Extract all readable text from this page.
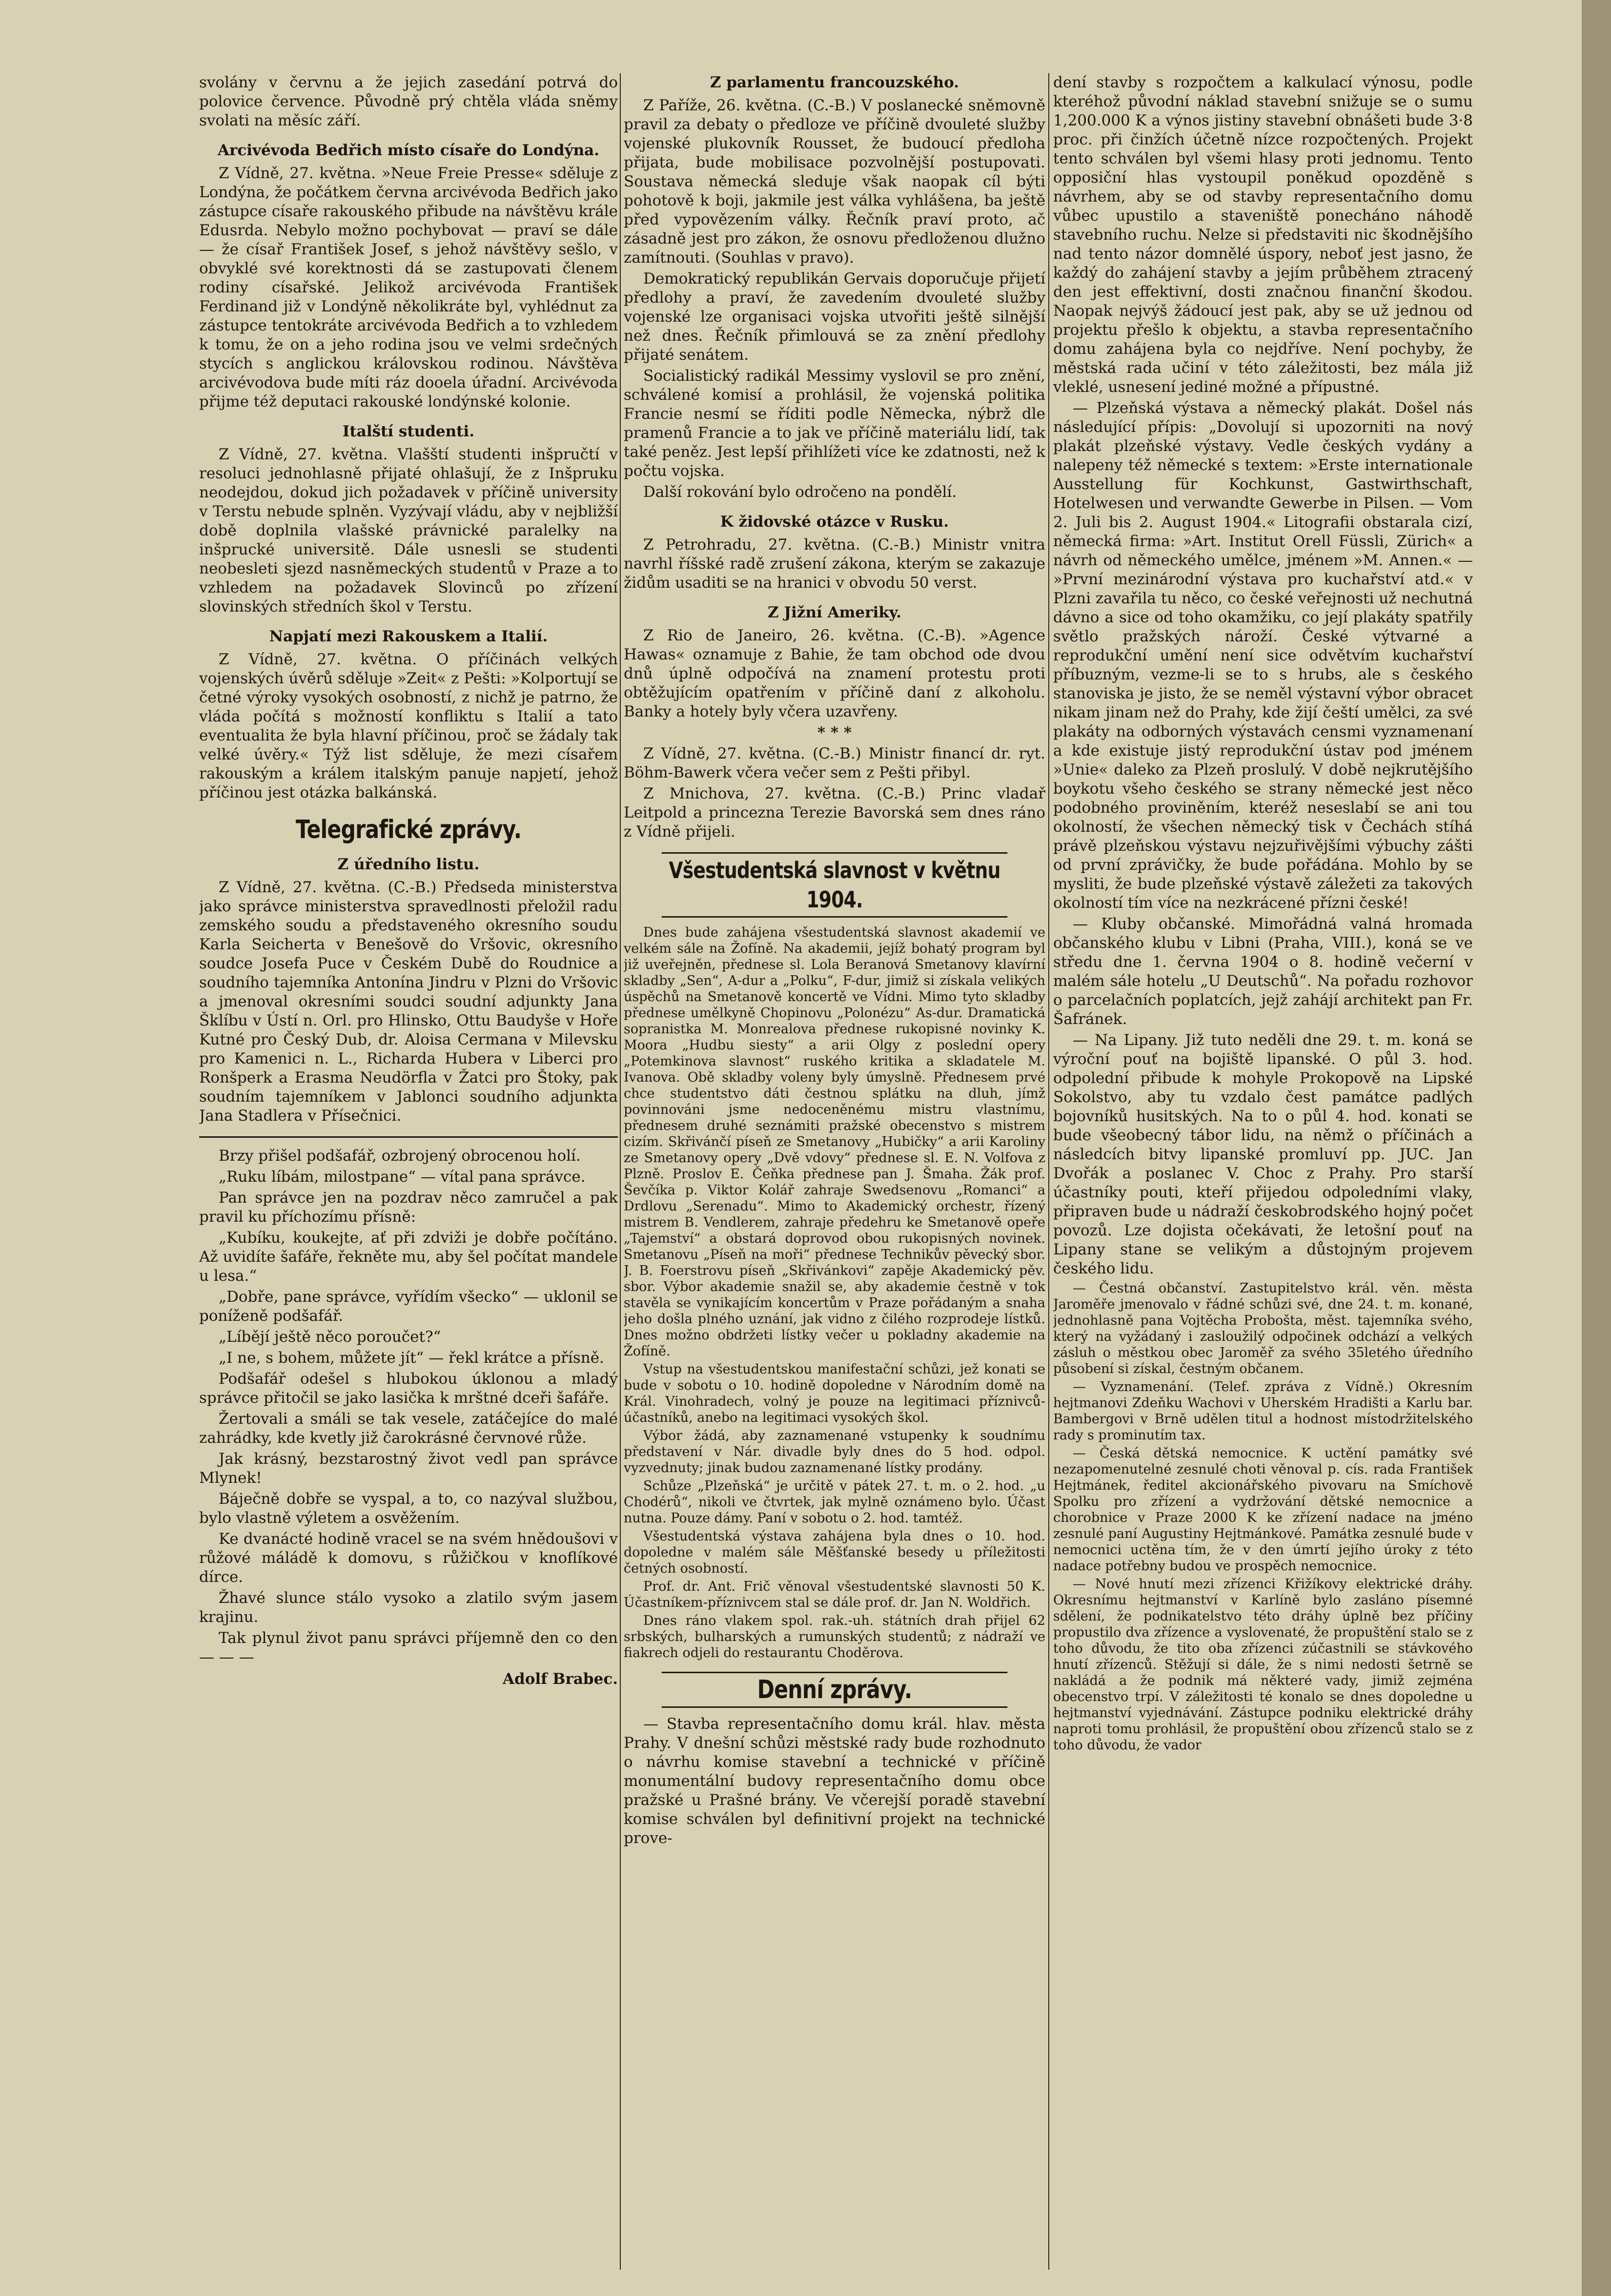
svolány v červnu a že jejich zasedání potrvá do polovice července. Původně prý chtěla vláda sněmy svolati na měsíc září.

Arcivévoda Bedřich místo císaře do Londýna.

Z Vídně, 27. května. »Neue Freie Presse« sděluje z Londýna, že počátkem června arcivévoda Bedřich jako zástupce císaře rakouského přibude na návštěvu krále Edusrda. Nebylo možno pochybovat — praví se dále — že císař František Josef, s jehož návštěvy sešlo, v obvyklé své korektnosti dá se zastupovati členem rodiny císařské. Jelikož arcivévoda František Ferdinand již v Londýně několikráte byl, vyhlédnut za zástupce tentokráte arcivévoda Bedřich a to vzhledem k tomu, že on a jeho rodina jsou ve velmi srdečných stycích s anglickou královskou rodinou. Návštěva arcivévodova bude míti ráz dooela úřadní. Arcivévoda přijme též deputaci rakouské londýnské kolonie.

Italští studenti.

Z Vídně, 27. května. Vlašští studenti inšpručtí v resoluci jednohlasně přijaté ohlašují, že z Inšpruku neodejdou, dokud jich požadavek v příčině university v Terstu nebude splněn. Vyzývají vládu, aby v nejbližší době doplnila vlašské právnické paralelky na inšprucké universitě. Dále usnesli se studenti neobesleti sjezd nasněmeckých studentů v Praze a to vzhledem na požadavek Slovinců po zřízení slovinských středních škol v Terstu.

Napjatí mezi Rakouskem a Italií.

Z Vídně, 27. května. O příčinách velkých vojenských úvěrů sděluje »Zeit« z Pešti: »Kolportují se četné výroky vysokých osobností, z nichž je patrno, že vláda počítá s možností konfliktu s Italií a tato eventualita že byla hlavní příčinou, proč se žádaly tak velké úvěry.« Týž list sděluje, že mezi císařem rakouským a králem italským panuje napjetí, jehož příčinou jest otázka balkánská.

Telegrafické zprávy.
Z úředního listu.

Z Vídně, 27. května. (C.-B.) Předseda ministerstva jako správce ministerstva spravedlnosti přeložil radu zemského soudu a představeného okresního soudu Karla Seicherta v Benešově do Vršovic, okresního soudce Josefa Puce v Českém Dubě do Roudnice a soudního tajemníka Antonína Jindru v Plzni do Vršovic a jmenoval okresními soudci soudní adjunkty Jana Šklíbu v Ústí n. Orl. pro Hlinsko, Ottu Baudyše v Hoře Kutné pro Český Dub, dr. Aloisa Cermana v Milevsku pro Kamenici n. L., Richarda Hubera v Liberci pro Ronšperk a Erasma Neudörfla v Žatci pro Štoky, pak soudním tajemníkem v Jablonci soudního adjunkta Jana Stadlera v Přísečnici.

Brzy přišel podšafář, ozbrojený obrocenou holí.

„Ruku líbám, milostpane“ — vítal pana správce.

Pan správce jen na pozdrav něco zamručel a pak pravil ku příchozímu přísně:

„Kubíku, koukejte, ať při zdviži je dobře počítáno. Až uvidíte šafáře, řekněte mu, aby šel počítat mandele u lesa.“

„Dobře, pane správce, vyřídím všecko“ — uklonil se poníženě podšafář.

„Líbějí ještě něco poroučet?“

„I ne, s bohem, můžete jít“ — řekl krátce a přísně.

Podšafář odešel s hlubokou úklonou a mladý správce přitočil se jako lasička k mrštné dceři šafáře.

Žertovali a smáli se tak vesele, zatáčejíce do malé zahrádky, kde kvetly již čarokrásné červnové růže.

Jak krásný, bezstarostný život vedl pan správce Mlynek!

Báječně dobře se vyspal, a to, co nazýval službou, bylo vlastně výletem a osvěžením.

Ke dvanácté hodině vracel se na svém hnědoušovi v růžové máládě k domovu, s růžičkou v knoflíkové dírce.

Žhavé slunce stálo vysoko a zlatilo svým jasem krajinu.

Tak plynul život panu správci příjemně den co den — — —

Adolf Brabec.
Z parlamentu francouzského.

Z Paříže, 26. května. (C.-B.) V poslanecké sněmovně pravil za debaty o předloze ve příčině dvouleté služby vojenské plukovník Rousset, že budoucí předloha přijata, bude mobilisace pozvolnější postupovati. Soustava německá sleduje však naopak cíl býti pohotově k boji, jakmile jest válka vyhlášena, ba ještě před vypovězením války. Řečník praví proto, ač zásadně jest pro zákon, že osnovu předloženou dlužno zamítnouti. (Souhlas v pravo).

Demokratický republikán Gervais doporučuje přijetí předlohy a praví, že zavedením dvouleté služby vojenské lze organisaci vojska utvořiti ještě silnější než dnes. Řečník přimlouvá se za znění předlohy přijaté senátem.

Socialistický radikál Messimy vyslovil se pro znění, schválené komisí a prohlásil, že vojenská politika Francie nesmí se říditi podle Německa, nýbrž dle pramenů Francie a to jak ve příčině materiálu lidí, tak také peněz. Jest lepší přihlížeti více ke zdatnosti, než k počtu vojska.

Další rokování bylo odročeno na pondělí.

K židovské otázce v Rusku.

Z Petrohradu, 27. května. (C.-B.) Ministr vnitra navrhl říšské radě zrušení zákona, kterým se zakazuje židům usaditi se na hranici v obvodu 50 verst.

Z Jižní Ameriky.

Z Rio de Janeiro, 26. května. (C.-B). »Agence Hawas« oznamuje z Bahie, že tam obchod ode dvou dnů úplně odpočívá na znamení protestu proti obtěžujícím opatřením v příčině daní z alkoholu. Banky a hotely byly včera uzavřeny.

* * *

Z Vídně, 27. května. (C.-B.) Ministr financí dr. ryt. Böhm-Bawerk včera večer sem z Pešti přibyl.

Z Mnichova, 27. května. (C.-B.) Princ vladař Leitpold a princezna Terezie Bavorská sem dnes ráno z Vídně přijeli.

Všestudentská slavnost v květnu 1904.

Dnes bude zahájena všestudentská slavnost akademií ve velkém sále na Žofíně. Na akademii, jejíž bohatý program byl již uveřejněn, přednese sl. Lola Beranová Smetanovy klavírní skladby „Sen“, A-dur a „Polku“, F-dur, jimiž si získala velikých úspěchů na Smetanově koncertě ve Vídni. Mimo tyto skladby přednese umělkyně Chopinovu „Polonézu“ As-dur. Dramatická sopranistka M. Monrealova přednese rukopisné novinky K. Moora „Hudbu siesty“ a arii Olgy z poslední opery „Potemkinova slavnost“ ruského kritika a skladatele M. Ivanova. Obě skladby voleny byly úmyslně. Přednesem prvé chce studentstvo dáti čestnou splátku na dluh, jímž povinnováni jsme nedoceněnému mistru vlastnímu, přednesem druhé seznámiti pražské obecenstvo s mistrem cizím. Skřivánčí píseň ze Smetanovy „Hubičky“ a arii Karoliny ze Smetanovy opery „Dvě vdovy“ přednese sl. E. N. Volfova z Plzně. Proslov E. Čeňka přednese pan J. Šmaha. Žák prof. Ševčíka p. Viktor Kolář zahraje Swedsenovu „Romanci“ a Drdlovu „Serenadu“. Mimo to Akademický orchestr, řízený mistrem B. Vendlerem, zahraje předehru ke Smetanově opeře „Tajemství“ a obstará doprovod obou rukopisných novinek. Smetanovu „Píseň na moři“ přednese Technikův pěvecký sbor. J. B. Foerstrovu píseň „Skřivánkovi“ zapěje Akademický pěv. sbor. Výbor akademie snažil se, aby akademie čestně v tok stavěla se vynikajícím koncertům v Praze pořádaným a snaha jeho došla plného uznání, jak vidno z čilého rozprodeje lístků. Dnes možno obdržeti lístky večer u pokladny akademie na Žofíně.

Vstup na všestudentskou manifestační schůzi, jež konati se bude v sobotu o 10. hodině dopoledne v Národním domě na Král. Vinohradech, volný je pouze na legitimaci příznivců-účastníků, anebo na legitimaci vysokých škol.

Výbor žádá, aby zaznamenané vstupenky k soudnímu představení v Nár. divadle byly dnes do 5 hod. odpol. vyzvednuty; jinak budou zaznamenané lístky prodány.

Schůze „Plzeňská“ je určitě v pátek 27. t. m. o 2. hod. „u Chodérů“, nikoli ve čtvrtek, jak mylně oznámeno bylo. Účast nutna. Pouze dámy. Paní v sobotu o 2. hod. tamtéž.

Všestudentská výstava zahájena byla dnes o 10. hod. dopoledne v malém sále Měšťanské besedy u příležitosti četných osobností.

Prof. dr. Ant. Frič věnoval všestudentské slavnosti 50 K. Účastníkem-příznivcem stal se dále prof. dr. Jan N. Woldřich.

Dnes ráno vlakem spol. rak.-uh. státních drah přijel 62 srbských, bulharských a rumunských studentů; z nádraží ve fiakrech odjeli do restaurantu Choděrova.

Denní zprávy.

— Stavba representačního domu král. hlav. města Prahy. V dnešní schůzi městské rady bude rozhodnuto o návrhu komise stavební a technické v příčině monumentální budovy representačního domu obce pražské u Prašné brány. Ve včerejší poradě stavební komise schválen byl definitivní projekt na technické prove-

dení stavby s rozpočtem a kalkulací výnosu, podle kteréhož původní náklad stavební snižuje se o sumu 1,200.000 K a výnos jistiny stavební obnášeti bude 3·8 proc. při činžích účetně nízce rozpočtených. Projekt tento schválen byl všemi hlasy proti jednomu. Tento opposiční hlas vystoupil poněkud opozděně s návrhem, aby se od stavby representačního domu vůbec upustilo a staveniště ponecháno náhodě stavebního ruchu. Nelze si představiti nic škodnějšího nad tento názor domnělé úspory, neboť jest jasno, že každý do zahájení stavby a jejím průběhem ztracený den jest effektivní, dosti značnou finanční škodou. Naopak nejvýš žádoucí jest pak, aby se už jednou od projektu přešlo k objektu, a stavba representačního domu zahájena byla co nejdříve. Není pochyby, že městská rada učiní v této záležitosti, bez mála již vleklé, usnesení jediné možné a přípustné.

— Plzeňská výstava a německý plakát. Došel nás následující přípis: „Dovolují si upozorniti na nový plakát plzeňské výstavy. Vedle českých vydány a nalepeny též německé s textem: »Erste internationale Ausstellung für Kochkunst, Gastwirthschaft, Hotelwesen und verwandte Gewerbe in Pilsen. — Vom 2. Juli bis 2. August 1904.« Litografii obstarala cizí, německá firma: »Art. Institut Orell Füssli, Zürich« a návrh od německého umělce, jménem »M. Annen.« — »První mezinárodní výstava pro kuchařství atd.« v Plzni zavařila tu něco, co české veřejnosti už nechutná dávno a sice od toho okamžiku, co její plakáty spatřily světlo pražských nároží. České výtvarné a reprodukční umění není sice odvětvím kuchařství příbuzným, vezme-li se to s hrubs, ale s českého stanoviska je jisto, že se neměl výstavní výbor obracet nikam jinam než do Prahy, kde žijí čeští umělci, za své plakáty na odborných výstavách censmi vyznamenaní a kde existuje jistý reprodukční ústav pod jménem »Unie« daleko za Plzeň proslulý. V době nejkrutějšího boykotu všeho českého se strany německé jest něco podobného proviněním, kteréž neseslabí se ani tou okolností, že všechen německý tisk v Čechách stíhá právě plzeňskou výstavu nejzuřivějšími výbuchy zášti od první zprávičky, že bude pořádána. Mohlo by se mysliti, že bude plzeňské výstavě záležeti za takových okolností tím více na nezkrácené přízni české!

— Kluby občanské. Mimořádná valná hromada občanského klubu v Libni (Praha, VIII.), koná se ve středu dne 1. června 1904 o 8. hodině večerní v malém sále hotelu „U Deutschů“. Na pořadu rozhovor o parcelačních poplatcích, jejž zahájí architekt pan Fr. Šafránek.

— Na Lipany. Již tuto neděli dne 29. t. m. koná se výroční pouť na bojiště lipanské. O půl 3. hod. odpolední přibude k mohyle Prokopově na Lipské Sokolstvo, aby tu vzdalo čest památce padlých bojovníků husitských. Na to o půl 4. hod. konati se bude všeobecný tábor lidu, na němž o příčinách a následcích bitvy lipanské promluví pp. JUC. Jan Dvořák a poslanec V. Choc z Prahy. Pro starší účastníky pouti, kteří přijedou odpoledními vlaky, připraven bude u nádraží českobrodského hojný počet povozů. Lze dojista očekávati, že letošní pouť na Lipany stane se velikým a důstojným projevem českého lidu.

— Čestná občanství. Zastupitelstvo král. věn. města Jaroměře jmenovalo v řádné schůzi své, dne 24. t. m. konané, jednohlasně pana Vojtěcha Proboštа, měst. tajemníka svého, který na vyžádaný i zasloužilý odpočinek odchází a velkých zásluh o městkou obec Jaroměř za svého 35letého úředního působení si získal, čestným občanem.

— Vyznamenání. (Telef. zpráva z Vídně.) Okresním hejtmanovi Zdeňku Wachovi v Uherském Hradišti a Karlu bar. Bambergovi v Brně udělen titul a hodnost místodržitelského rady s prominutím tax.

— Česká dětská nemocnice. K uctění památky své nezapomenutelné zesnulé choti věnoval p. cís. rada František Hejtmánek, ředitel akcionářského pivovaru na Smíchově Spolku pro zřízení a vydržování dětské nemocnice a chorobnice v Praze 2000 K ke zřízení nadace na jméno zesnulé paní Augustiny Hejtmánkové. Památka zesnulé bude v nemocnici uctěna tím, že v den úmrtí jejího úroky z této nadace potřebny budou ve prospěch nemocnice.

— Nové hnutí mezi zřízenci Křižíkovy elektrické dráhy. Okresnímu hejtmanství v Karlíně bylo zasláno písemné sdělení, že podnikatelstvo této dráhy úplně bez příčiny propustilo dva zřízence a vyslovenaté, že propuštění stalo se z toho důvodu, že tito oba zřízenci zúčastnili se stávkového hnutí zřízenců. Stěžují si dále, že s nimi nedosti šetrně se nakládá a že podnik má některé vady, jimiž zejména obecenstvo trpí. V záležitosti té konalo se dnes dopoledne u hejtmanství vyjednávání. Zástupce podniku elektrické dráhy naproti tomu prohlásil, že propuštění obou zřízenců stalo se z toho důvodu, že vador
